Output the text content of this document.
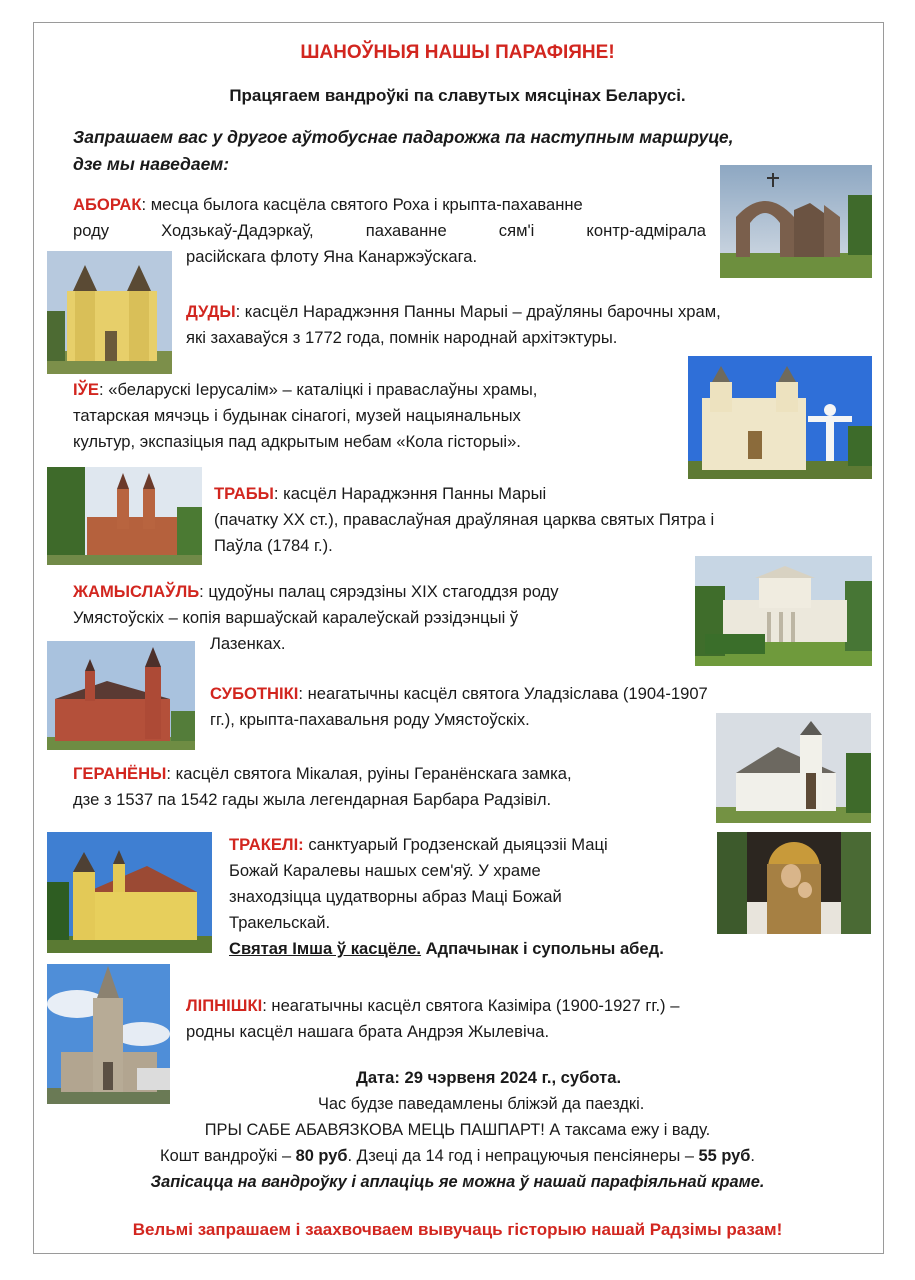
ШАНОЎНЫЯ НАШЫ ПАРАФІЯНЕ!
Працягаем вандроўкі па славутых мясцінах Беларусі.
Запрашаем вас у другое аўтобуснае падарожжа па наступным маршруце,
дзе мы наведаем:
АБОРАК: месца былога касцёла святого Роха і крыпта-пахаванне
роду Ходзькаў-Дадэркаў, пахаванне сям'і контр-адмірала
расійскага флоту Яна Канаржэўскага.
ДУДЫ: касцёл Нараджэння Панны Марыі – драўляны барочны храм,
які захаваўся з 1772 года, помнік народнай архітэктуры.
ІЎЕ: «беларускі Іерусалім» – каталіцкі і праваслаўны храмы,
татарская мячэць і будынак сінагогі, музей нацыянальных
культур, экспазіцыя пад адкрытым небам «Кола гісторыі».
ТРАБЫ: касцёл Нараджэння Панны Марыі
(пачатку XX ст.), праваслаўная драўляная царква святых Пятра і
Паўла (1784 г.).
ЖАМЫСЛАЎЛЬ: цудоўны палац сярэдзіны XIX стагоддзя роду
Умястоўскіх – копія варшаўскай каралеўскай рэзідэнцыі ў
Лазенках.
СУБОТНІКІ: неагатычны касцёл святога Уладзіслава (1904-1907
гг.), крыпта-пахавальня роду Умястоўскіх.
ГЕРАНЁНЫ: касцёл святога Мікалая, руіны Геранёнскага замка,
дзе з 1537 па 1542 гады жыла легендарная Барбара Радзівіл.
ТРАКЕЛІ: санктуарый Гродзенскай дыяцэзіі Маці
Божай Каралевы нашых сем'яў. У храме
знаходзіцца цудатворны абраз Маці Божай
Тракельскай.
Святая Імша ў касцёле. Адпачынак і супольны абед.
ЛІПНІШКІ: неагатычны касцёл святога Казіміра (1900-1927 гг.) –
родны касцёл нашага брата Андрэя Жылевіча.
Дата: 29 чэрвеня 2024 г., субота.
Час будзе паведамлены бліжэй да паездкі.
ПРЫ САБЕ АБАВЯЗКОВА МЕЦЬ ПАШПАРТ! А таксама ежу і ваду.
Кошт вандроўкі – 80 руб. Дзеці да 14 год і непрацуючыя пенсіянеры – 55 руб.
Запісацца на вандроўку і аплаціць яе можна ў нашай парафіяльнай краме.
Вельмі запрашаем і заахвочваем вывучаць гісторыю нашай Радзімы разам!
